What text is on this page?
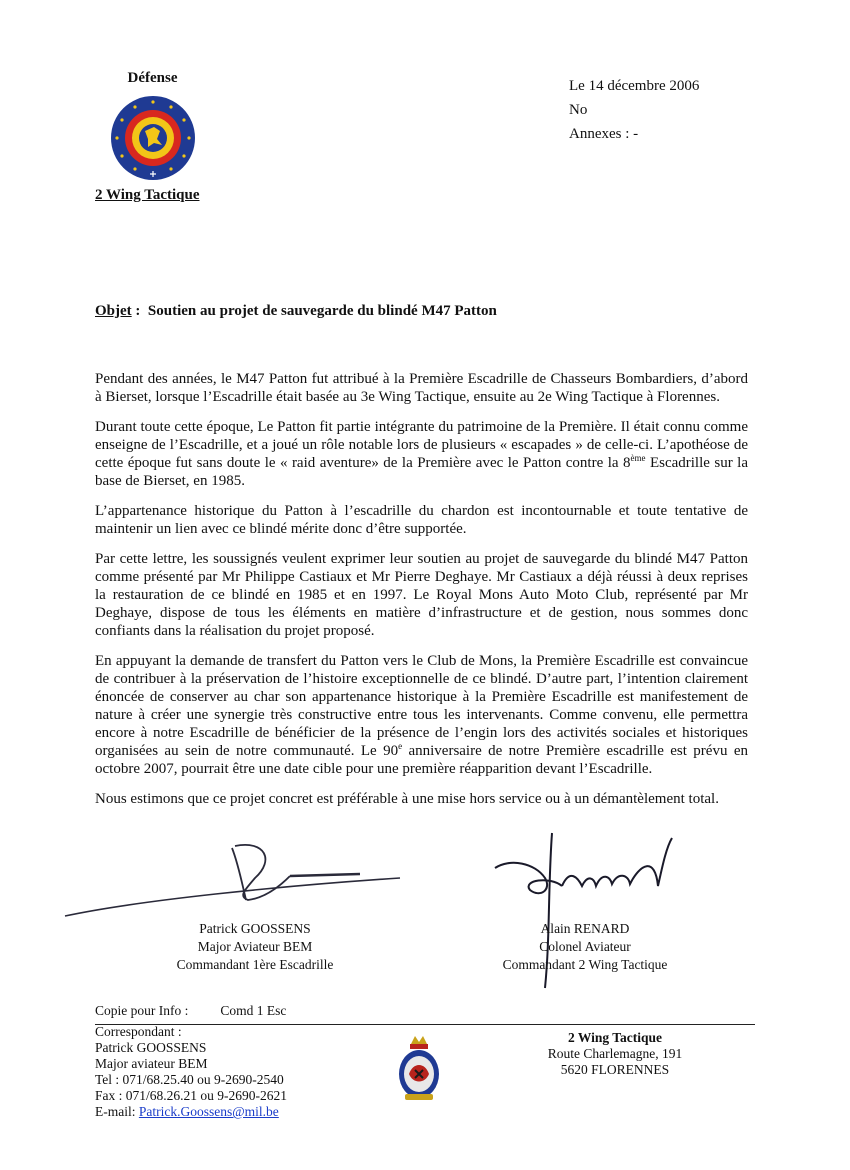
Défense
2 Wing Tactique
Le 14 décembre 2006
No
Annexes : -
Objet : Soutien au projet de sauvegarde du blindé M47 Patton

Pendant des années, le M47 Patton fut attribué à la Première Escadrille de Chasseurs Bombardiers, d’abord à Bierset, lorsque l’Escadrille était basée au 3e Wing Tactique, ensuite au 2e Wing Tactique à Florennes.

Durant toute cette époque, Le Patton fit partie intégrante du patrimoine de la Première. Il était connu comme enseigne de l’Escadrille, et a joué un rôle notable lors de plusieurs « escapades » de celle-ci. L’apothéose de cette époque fut sans doute le « raid aventure» de la Première avec le Patton contre la 8ème Escadrille sur la base de Bierset, en 1985.

L’appartenance historique du Patton à l’escadrille du chardon est incontournable et toute tentative de maintenir un lien avec ce blindé mérite donc d’être supportée.

Par cette lettre, les soussignés veulent exprimer leur soutien au projet de sauvegarde du blindé M47 Patton comme présenté par Mr Philippe Castiaux et Mr Pierre Deghaye. Mr Castiaux a déjà réussi à deux reprises la restauration de ce blindé en 1985 et en 1997. Le Royal Mons Auto Moto Club, représenté par Mr Deghaye, dispose de tous les éléments en matière d’infrastructure et de gestion, nous sommes donc confiants dans la réalisation du projet proposé.

En appuyant la demande de transfert du Patton vers le Club de Mons, la Première Escadrille est convaincue de contribuer à la préservation de l’histoire exceptionnelle de ce blindé. D’autre part, l’intention clairement énoncée de conserver au char son appartenance historique à la Première Escadrille est manifestement de nature à créer une synergie très constructive entre tous les intervenants. Comme convenu, elle permettra encore à notre Escadrille de bénéficier de la présence de l’engin lors des activités sociales et historiques organisées au sein de notre communauté. Le 90e anniversaire de notre Première escadrille est prévu en octobre 2007, pourrait être une date cible pour une première réapparition devant l’Escadrille.

Nous estimons que ce projet concret est préférable à une mise hors service ou à un démantèlement total.

Patrick GOOSSENS
Major Aviateur BEM
Commandant 1ère Escadrille
Alain RENARD
Colonel Aviateur
Commandant 2 Wing Tactique
Copie pour Info : Comd 1 Esc
Correspondant :
Patrick GOOSSENS
Major aviateur BEM
Tel : 071/68.25.40 ou 9-2690-2540
Fax : 071/68.26.21 ou 9-2690-2621
E-mail: Patrick.Goossens@mil.be
2 Wing Tactique
Route Charlemagne, 191
5620 FLORENNES
